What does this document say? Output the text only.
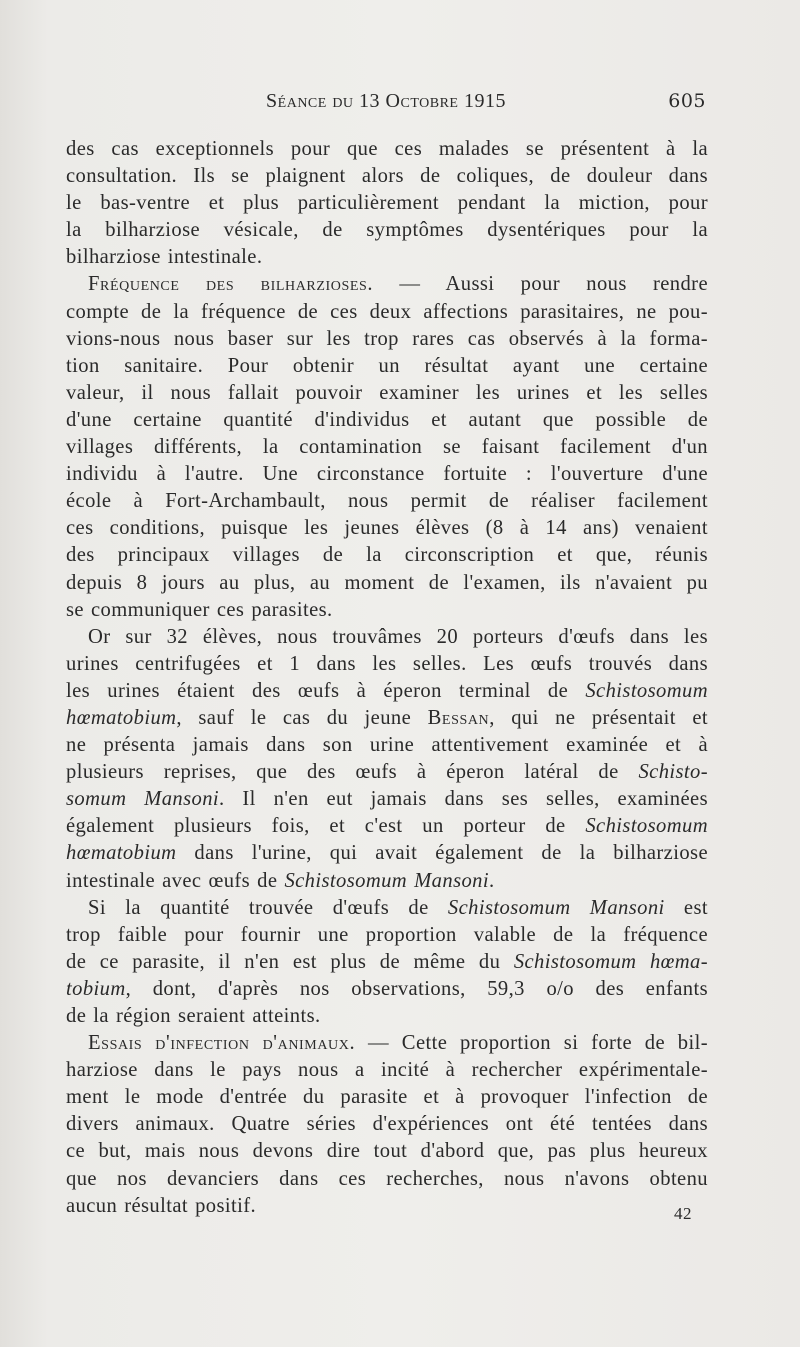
Séance du 13 Octobre 1915	605
des cas exceptionnels pour que ces malades se présentent à la
consultation. Ils se plaignent alors de coliques, de douleur dans
le bas-ventre et plus particulièrement pendant la miction, pour
la bilharziose vésicale, de symptômes dysentériques pour la
bilharziose intestinale.
Fréquence des bilharzioses. — Aussi pour nous rendre
compte de la fréquence de ces deux affections parasitaires, ne pou-
vions-nous nous baser sur les trop rares cas observés à la forma-
tion sanitaire. Pour obtenir un résultat ayant une certaine
valeur, il nous fallait pouvoir examiner les urines et les selles
d'une certaine quantité d'individus et autant que possible de
villages différents, la contamination se faisant facilement d'un
individu à l'autre. Une circonstance fortuite : l'ouverture d'une
école à Fort-Archambault, nous permit de réaliser facilement
ces conditions, puisque les jeunes élèves (8 à 14 ans) venaient
des principaux villages de la circonscription et que, réunis
depuis 8 jours au plus, au moment de l'examen, ils n'avaient pu
se communiquer ces parasites.
Or sur 32 élèves, nous trouvâmes 20 porteurs d'œufs dans les
urines centrifugées et 1 dans les selles. Les œufs trouvés dans
les urines étaient des œufs à éperon terminal de Schistosomum
hœmatobium, sauf le cas du jeune Bessan, qui ne présentait et
ne présenta jamais dans son urine attentivement examinée et à
plusieurs reprises, que des œufs à éperon latéral de Schisto-
somum Mansoni. Il n'en eut jamais dans ses selles, examinées
également plusieurs fois, et c'est un porteur de Schistosomum
hœmatobium dans l'urine, qui avait également de la bilharziose
intestinale avec œufs de Schistosomum Mansoni.
Si la quantité trouvée d'œufs de Schistosomum Mansoni est
trop faible pour fournir une proportion valable de la fréquence
de ce parasite, il n'en est plus de même du Schistosomum hœma-
tobium, dont, d'après nos observations, 59,3 o/o des enfants
de la région seraient atteints.
Essais d'infection d'animaux. — Cette proportion si forte de bil-
harziose dans le pays nous a incité à rechercher expérimentale-
ment le mode d'entrée du parasite et à provoquer l'infection de
divers animaux. Quatre séries d'expériences ont été tentées dans
ce but, mais nous devons dire tout d'abord que, pas plus heureux
que nos devanciers dans ces recherches, nous n'avons obtenu
aucun résultat positif.	42
